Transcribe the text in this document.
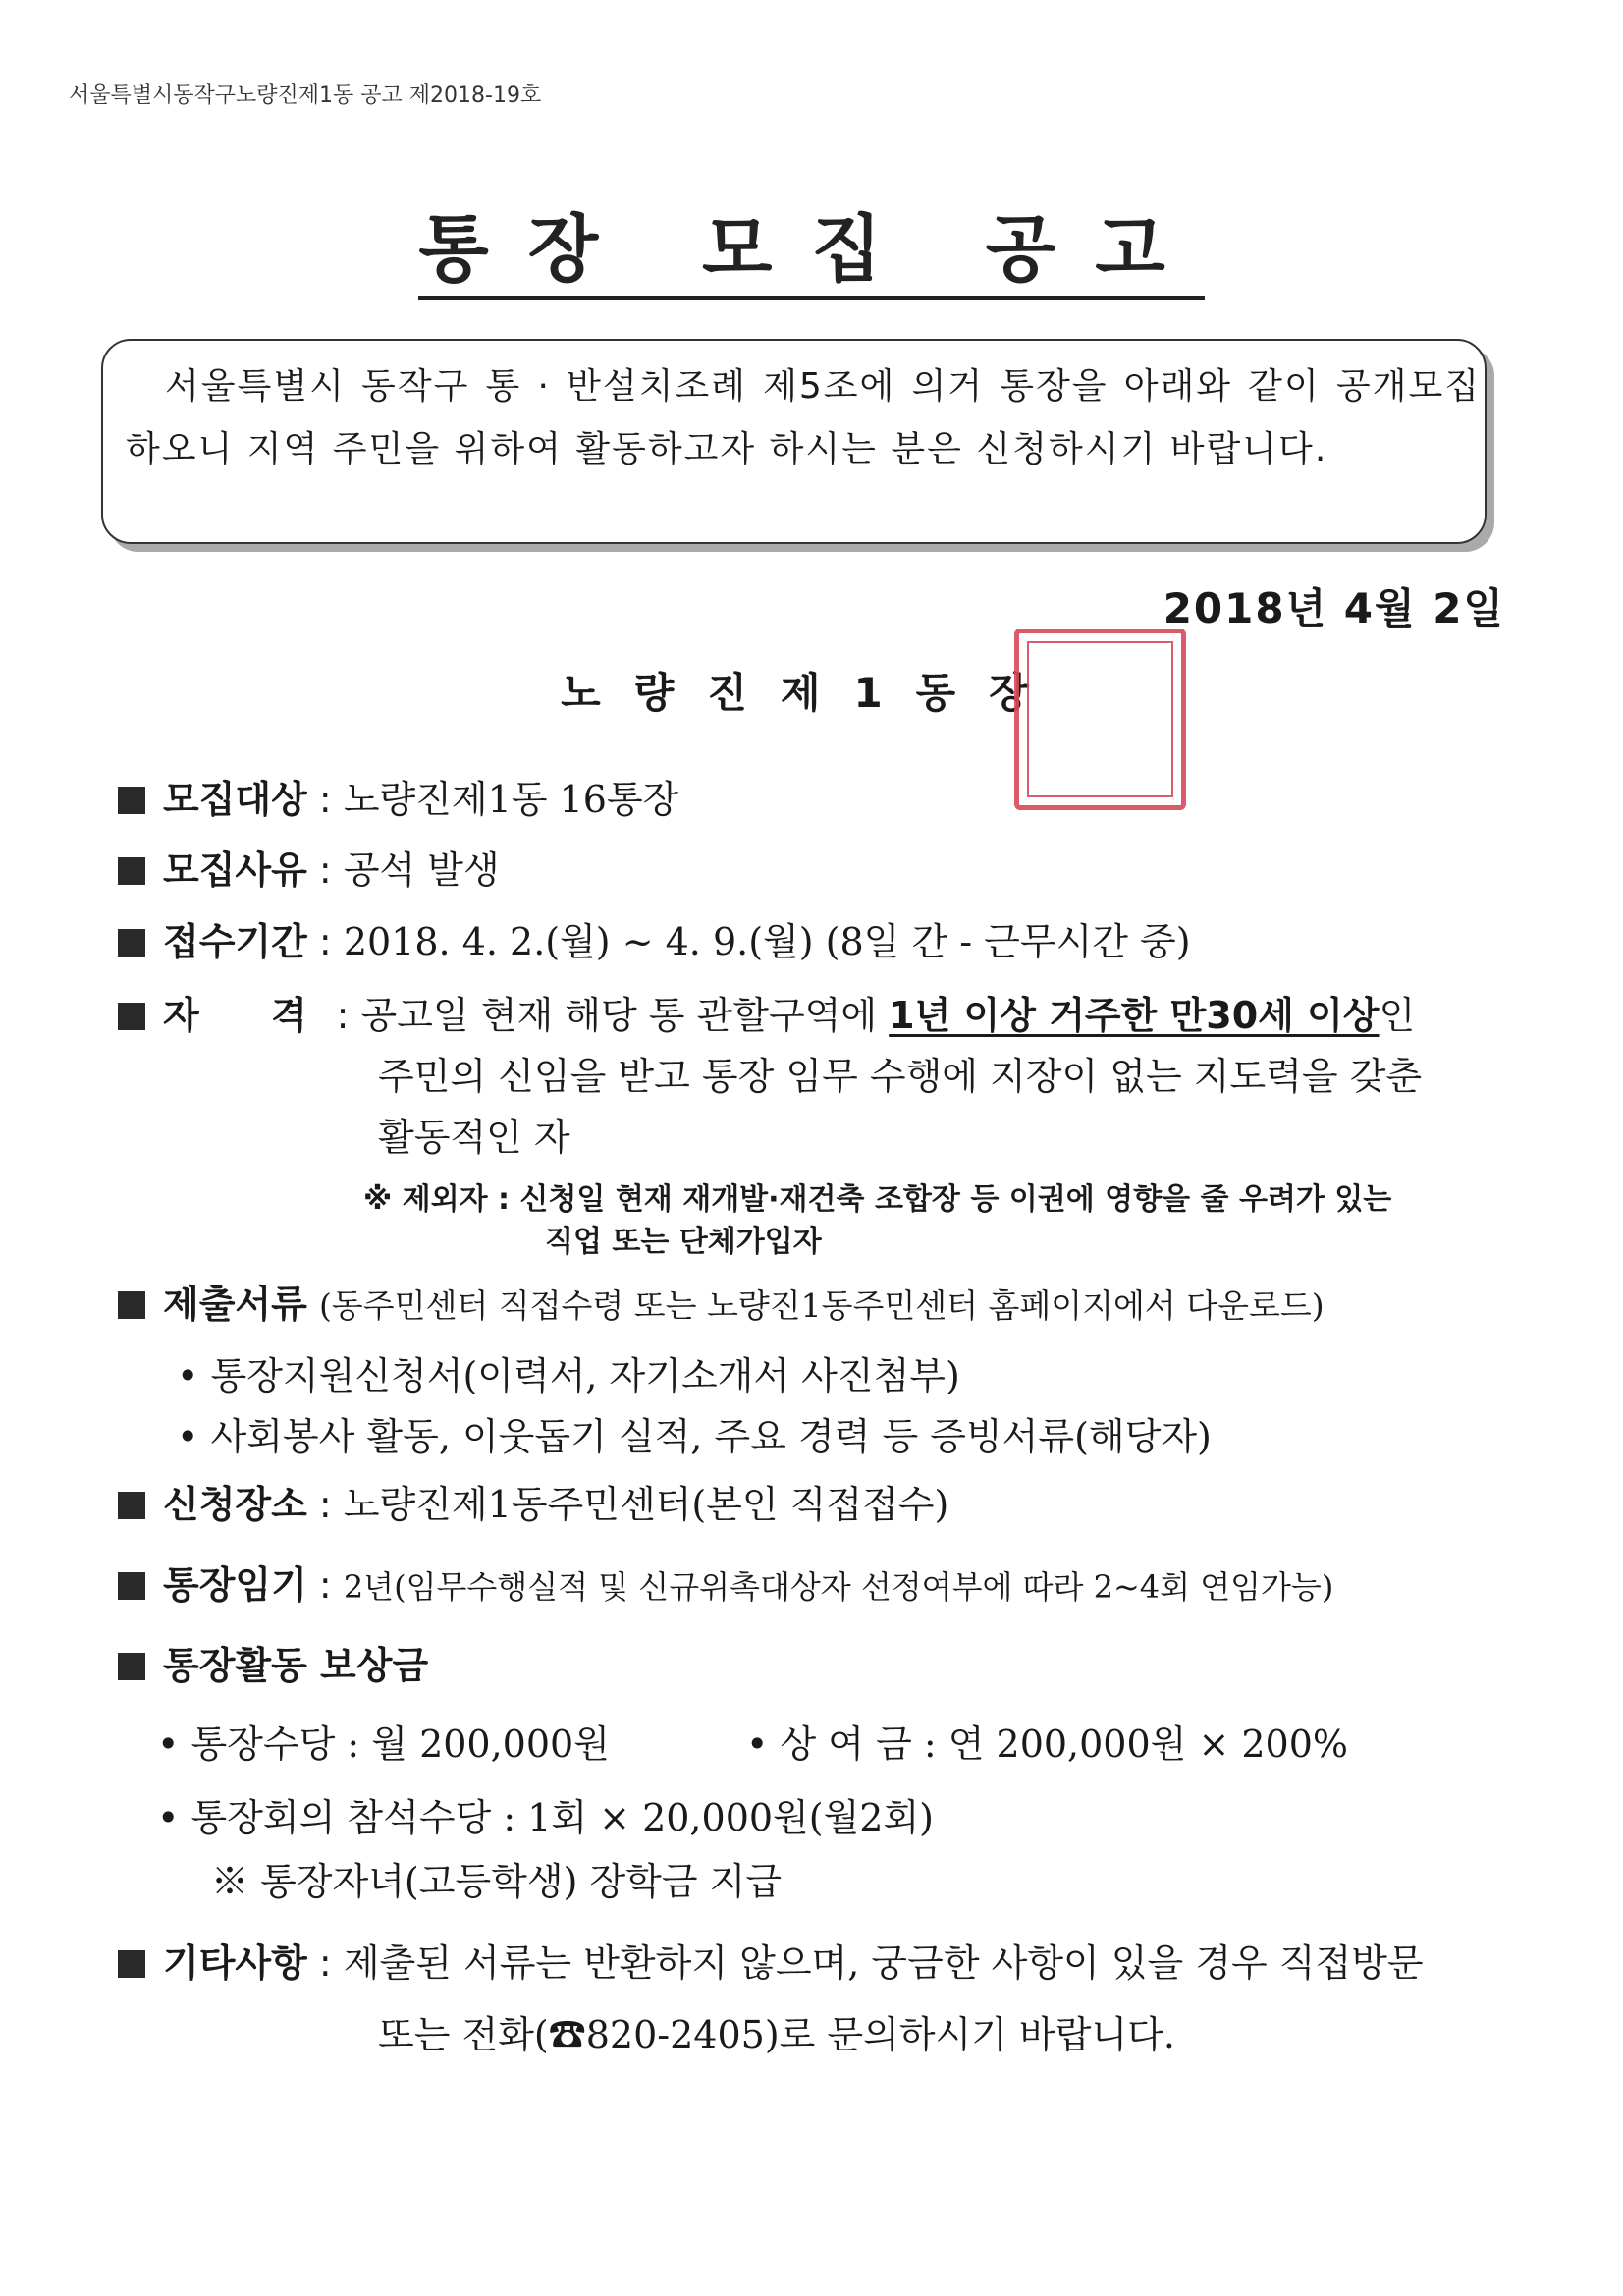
서울특별시동작구노량진제1동 공고 제2018-19호
통장 모집 공고
서울특별시 동작구 통 · 반설치조례 제5조에 의거 통장을 아래와 같이 공개모집하오니 지역 주민을 위하여 활동하고자 하시는 분은 신청하시기 바랍니다.
2018년 4월 2일
노량진제1동장
모집대상 : 노량진제1동 16통장
모집사유 : 공석 발생
접수기간 : 2018. 4. 2.(월) ~ 4. 9.(월) (8일 간 - 근무시간 중)
자 격: 공고일 현재 해당 통 관할구역에 1년 이상 거주한 만30세 이상인
주민의 신임을 받고 통장 임무 수행에 지장이 없는 지도력을 갖춘
활동적인 자
※ 제외자 : 신청일 현재 재개발·재건축 조합장 등 이권에 영향을 줄 우려가 있는
직업 또는 단체가입자
제출서류 (동주민센터 직접수령 또는 노량진1동주민센터 홈페이지에서 다운로드)
• 통장지원신청서(이력서, 자기소개서 사진첨부)
• 사회봉사 활동, 이웃돕기 실적, 주요 경력 등 증빙서류(해당자)
신청장소 : 노량진제1동주민센터(본인 직접접수)
통장임기 : 2년(임무수행실적 및 신규위촉대상자 선정여부에 따라 2~4회 연임가능)
통장활동 보상금
• 통장수당 : 월 200,000원	• 상 여 금 : 연 200,000원 × 200%
• 통장회의 참석수당 : 1회 × 20,000원(월2회)
※ 통장자녀(고등학생) 장학금 지급
기타사항 : 제출된 서류는 반환하지 않으며, 궁금한 사항이 있을 경우 직접방문
또는 전화(☎820-2405)로 문의하시기 바랍니다.
